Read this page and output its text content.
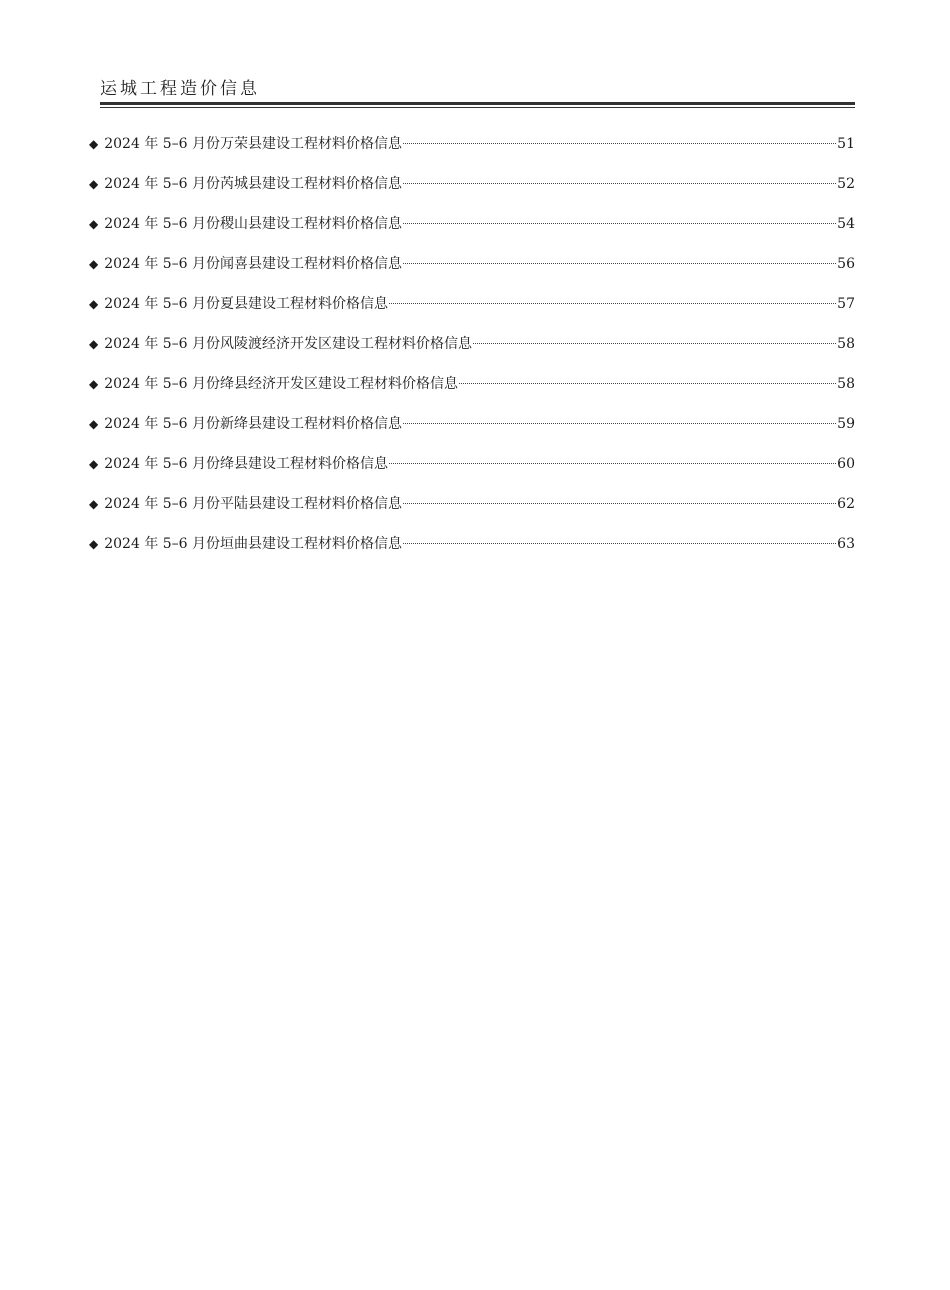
运城工程造价信息
◆ 2024 年 5–6 月份万荣县建设工程材料价格信息	51
◆ 2024 年 5–6 月份芮城县建设工程材料价格信息	52
◆ 2024 年 5–6 月份稷山县建设工程材料价格信息	54
◆ 2024 年 5–6 月份闻喜县建设工程材料价格信息	56
◆ 2024 年 5–6 月份夏县建设工程材料价格信息	57
◆ 2024 年 5–6 月份风陵渡经济开发区建设工程材料价格信息	58
◆ 2024 年 5–6 月份绛县经济开发区建设工程材料价格信息	58
◆ 2024 年 5–6 月份新绛县建设工程材料价格信息	59
◆ 2024 年 5–6 月份绛县建设工程材料价格信息	60
◆ 2024 年 5–6 月份平陆县建设工程材料价格信息	62
◆ 2024 年 5–6 月份垣曲县建设工程材料价格信息	63
